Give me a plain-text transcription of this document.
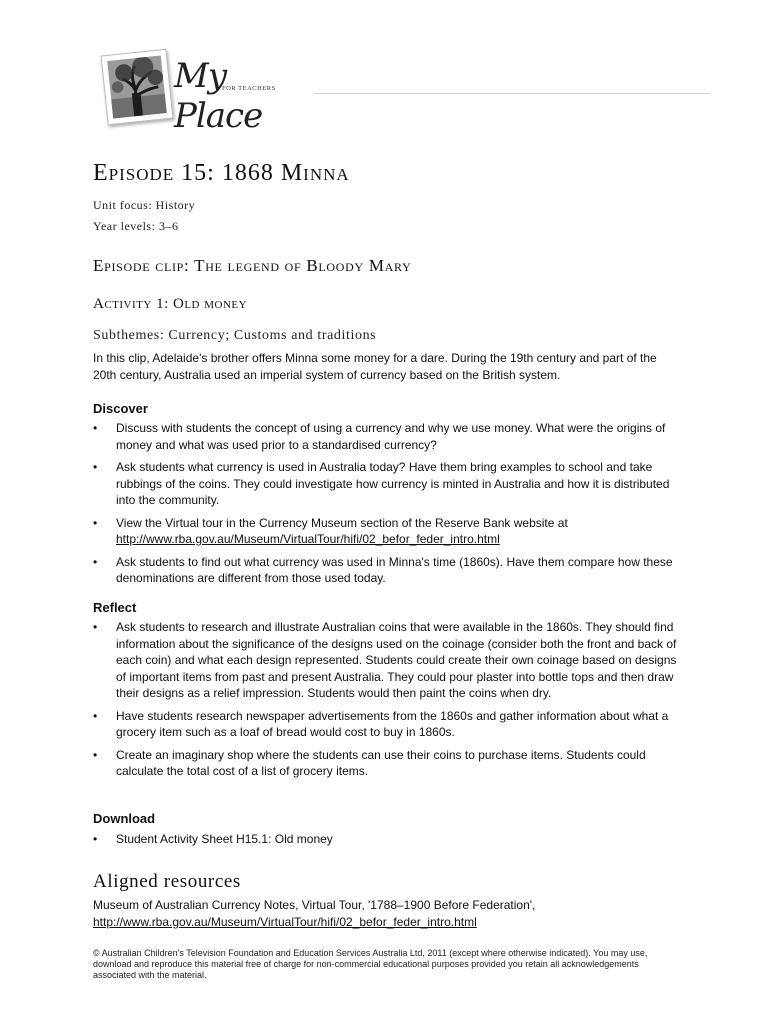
My Place
FOR TEACHERS
Episode 15: 1868 Minna
Unit focus: History
Year levels: 3–6
Episode clip: The legend of Bloody Mary
Activity 1: Old money
Subthemes: Currency; Customs and traditions
In this clip, Adelaide's brother offers Minna some money for a dare. During the 19th century and part of the 20th century, Australia used an imperial system of currency based on the British system.
Discover
• Discuss with students the concept of using a currency and why we use money. What were the origins of money and what was used prior to a standardised currency?
• Ask students what currency is used in Australia today? Have them bring examples to school and take rubbings of the coins. They could investigate how currency is minted in Australia and how it is distributed into the community.
• View the Virtual tour in the Currency Museum section of the Reserve Bank website at
http://www.rba.gov.au/Museum/VirtualTour/hifi/02_befor_feder_intro.html
• Ask students to find out what currency was used in Minna's time (1860s). Have them compare how these denominations are different from those used today.
Reflect
• Ask students to research and illustrate Australian coins that were available in the 1860s. They should find information about the significance of the designs used on the coinage (consider both the front and back of each coin) and what each design represented. Students could create their own coinage based on designs of important items from past and present Australia. They could pour plaster into bottle tops and then draw their designs as a relief impression. Students would then paint the coins when dry.
• Have students research newspaper advertisements from the 1860s and gather information about what a grocery item such as a loaf of bread would cost to buy in 1860s.
• Create an imaginary shop where the students can use their coins to purchase items. Students could calculate the total cost of a list of grocery items.
Download
• Student Activity Sheet H15.1: Old money
Aligned resources
Museum of Australian Currency Notes, Virtual Tour, '1788–1900 Before Federation',
http://www.rba.gov.au/Museum/VirtualTour/hifi/02_befor_feder_intro.html
© Australian Children's Television Foundation and Education Services Australia Ltd, 2011 (except where otherwise indicated). You may use, download and reproduce this material free of charge for non-commercial educational purposes provided you retain all acknowledgements associated with the material.
